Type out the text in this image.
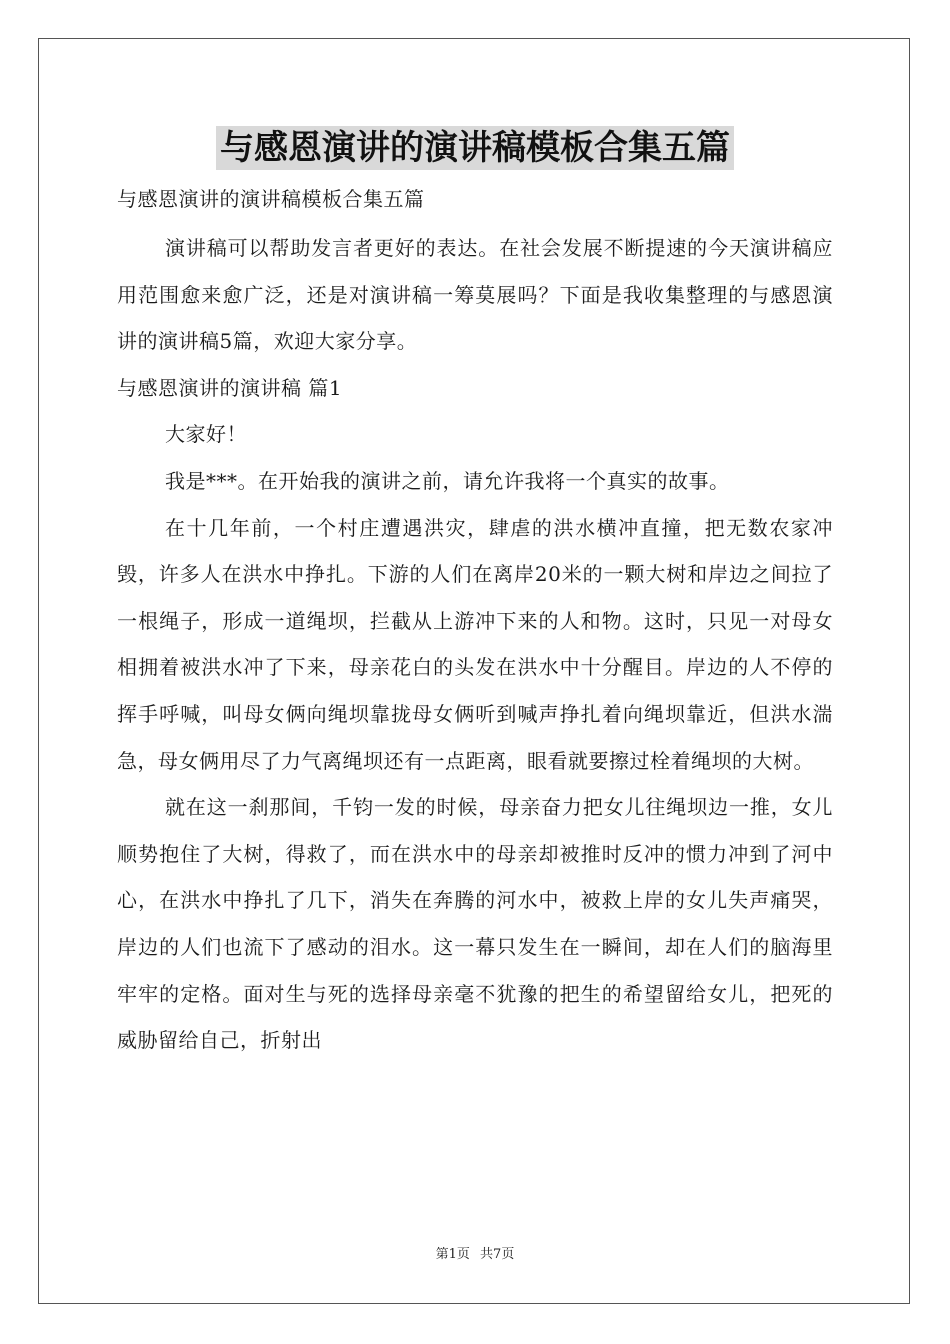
与感恩演讲的演讲稿模板合集五篇

与感恩演讲的演讲稿模板合集五篇

演讲稿可以帮助发言者更好的表达。在社会发展不断提速的今天演讲稿应用范围愈来愈广泛，还是对演讲稿一筹莫展吗？下面是我收集整理的与感恩演讲的演讲稿5篇，欢迎大家分享。

与感恩演讲的演讲稿 篇1

大家好！

我是***。在开始我的演讲之前，请允许我将一个真实的故事。

在十几年前，一个村庄遭遇洪灾，肆虐的洪水横冲直撞，把无数农家冲毁，许多人在洪水中挣扎。下游的人们在离岸20米的一颗大树和岸边之间拉了一根绳子，形成一道绳坝，拦截从上游冲下来的人和物。这时，只见一对母女相拥着被洪水冲了下来，母亲花白的头发在洪水中十分醒目。岸边的人不停的挥手呼喊，叫母女俩向绳坝靠拢母女俩听到喊声挣扎着向绳坝靠近，但洪水湍急，母女俩用尽了力气离绳坝还有一点距离，眼看就要擦过栓着绳坝的大树。

就在这一刹那间，千钧一发的时候，母亲奋力把女儿往绳坝边一推，女儿顺势抱住了大树，得救了，而在洪水中的母亲却被推时反冲的惯力冲到了河中心，在洪水中挣扎了几下，消失在奔腾的河水中，被救上岸的女儿失声痛哭，岸边的人们也流下了感动的泪水。这一幕只发生在一瞬间，却在人们的脑海里牢牢的定格。面对生与死的选择母亲毫不犹豫的把生的希望留给女儿，把死的威胁留给自己，折射出

第1页 共7页
